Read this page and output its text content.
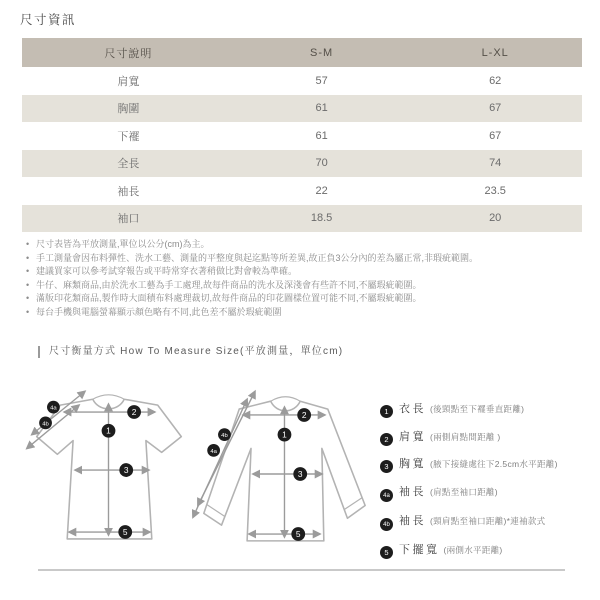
尺寸資訊
尺寸說明	S-M	L-XL
肩寬	57	62
胸圍	61	67
下襬	61	67
全長	70	74
袖長	22	23.5
袖口	18.5	20
• 尺寸表皆為平放測量,單位以公分(cm)為主。
• 手工測量會因布料彈性、洗水工藝、測量的平整度與起迄點等所差異,故正負3公分內的差為屬正常,非瑕疵範圍。
• 建議買家可以參考試穿報告或平時常穿衣著稍做比對會較為準確。
• 牛仔、麻類商品,由於洗水工藝為手工處理,故每件商品的洗水及深淺會有些許不同,不屬瑕疵範圍。
• 滿版印花類商品,製作時大面積布料處理裁切,故每件商品的印花圖樣位置可能不同,不屬瑕疵範圍。
• 每台手機與電腦螢幕顯示顏色略有不同,此色差不屬於瑕疵範圍
尺寸衡量方式 How To Measure Size(平放測量，單位cm)
2
1
3
5
4a
4b
2
1
3
5
4b
4a
1 衣長 (後頸點至下襬垂直距離)
2 肩寬 (兩側肩點間距離 )
3 胸寬 (腋下接縫處往下2.5cm水平距離)
4a 袖長 (肩點至袖口距離)
4b 袖長 (頸肩點至袖口距離)*連袖款式
5 下擺寬 (兩側水平距離)
